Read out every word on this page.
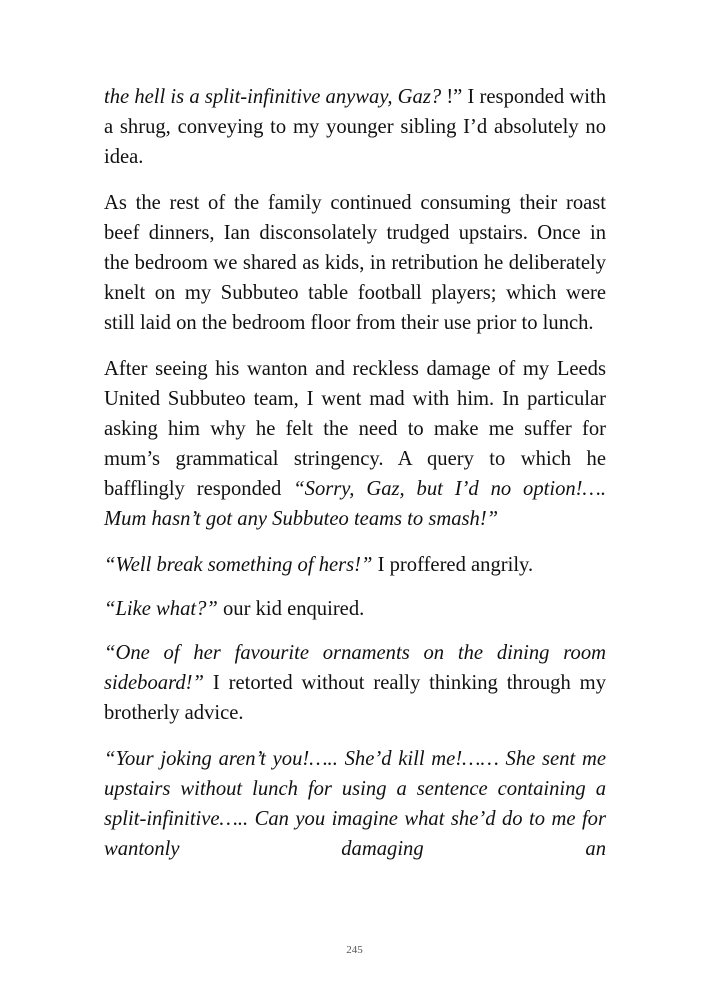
the hell is a split-infinitive anyway, Gaz? !” I responded with a shrug, conveying to my younger sibling I’d absolutely no idea.

As the rest of the family continued consuming their roast beef dinners, Ian disconsolately trudged upstairs. Once in the bedroom we shared as kids, in retribution he deliberately knelt on my Subbuteo table football players; which were still laid on the bedroom floor from their use prior to lunch.

After seeing his wanton and reckless damage of my Leeds United Subbuteo team, I went mad with him. In particular asking him why he felt the need to make me suffer for mum’s grammatical stringency. A query to which he bafflingly responded “Sorry, Gaz, but I’d no option!…. Mum hasn’t got any Subbuteo teams to smash!”

“Well break something of hers!” I proffered angrily.

“Like what?” our kid enquired.

“One of her favourite ornaments on the dining room sideboard!” I retorted without really thinking through my brotherly advice.

“Your joking aren’t you!….. She’d kill me!…… She sent me upstairs without lunch for using a sentence containing a split-infinitive….. Can you imagine what she’d do to me for wantonly damaging an

245
